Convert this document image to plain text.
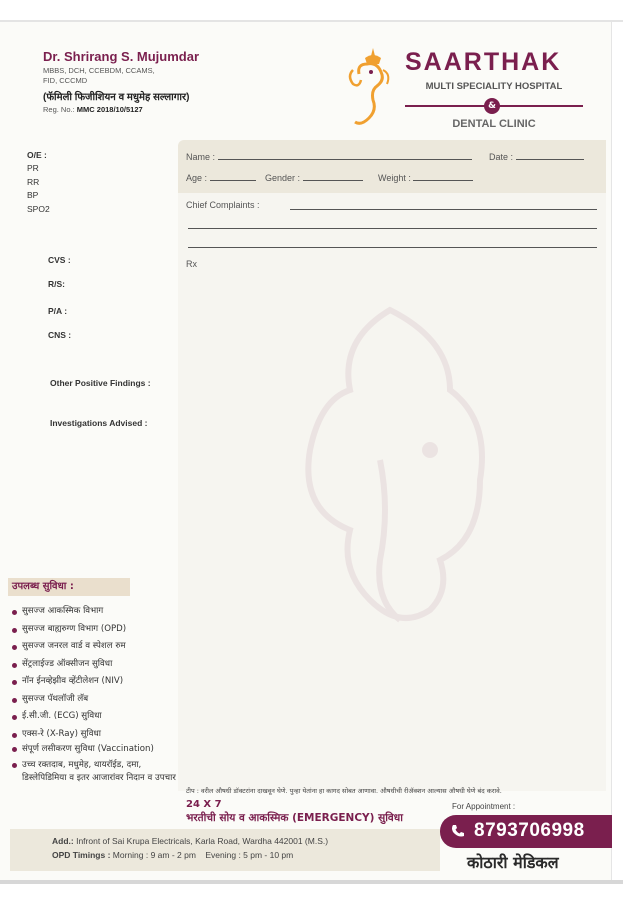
Dr. Shrirang S. Mujumdar
MBBS, DCH, CCEBDM, CCAMS,
FID, CCCMD
(फॅमिली फिजीशियन व मधुमेह सल्लागार)
Reg. No.: MMC 2018/10/5127
SAARTHAK
MULTI SPECIALITY HOSPITAL
&
DENTAL CLINIC
Name :	Date :
Age :	Gender :	Weight :
Chief Complaints :
Rx
O/E :
PR
RR
BP
SPO2
CVS :
R/S:
P/A :
CNS :
Other Positive Findings :
Investigations Advised :
उपलब्ध सुविधा :
सुसज्ज आकस्मिक विभाग
सुसज्ज बाह्यरुग्ण विभाग (OPD)
सुसज्ज जनरल वार्ड व स्पेशल रुम
सेंट्रलाईज्ड ऑक्सीजन सुविधा
नॉन ईनव्हेझीव व्हेंटीलेशन (NIV)
सुसज्ज पॅथलॉजी लॅब
ई.सी.जी. (ECG) सुविधा
एक्स-रे (X-Ray) सुविधा
संपूर्ण लसीकरण सुविधा (Vaccination)
उच्च रक्तदाब, मधुमेह, थायरॉईड, दमा, डिस्लेपिडिमिया व इतर आजारांवर निदान व उपचार
टीप : वरील औषधी डॉक्टरांना दाखवून घेणे. पुन्हा येतांना हा कागद सोबत आणावा. औषधीची रीॲक्शन आल्यास औषधी घेणे बंद करावे.
24 X 7
भरतीची सोय व आकस्मिक (EMERGENCY) सुविधा
For Appointment :
Add.: Infront of Sai Krupa Electricals, Karla Road, Wardha 442001 (M.S.)
OPD Timings : Morning : 9 am - 2 pm    Evening : 5 pm - 10 pm
8793706998
कोठारी मेडिकल
